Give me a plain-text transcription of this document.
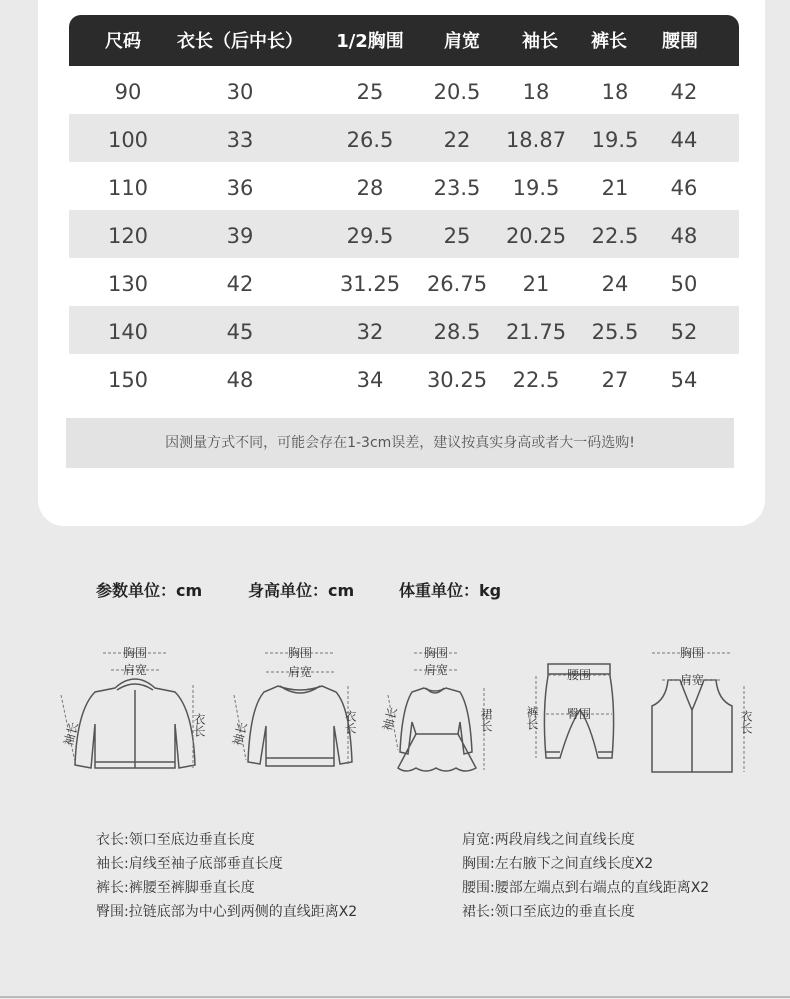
尺码 衣长（后中长） 1/2胸围 肩宽 袖长 裤长 腰围
90	30	25 20.5 18 18 42
100	33	26.5 22 18.87 19.5 44
110	36	28 23.5 19.5 21 46
120	39	29.5 25 20.25 22.5 48
130	42	31.25 26.75 21 24 50
140	45	32 28.5 21.75 25.5 52
150	48	34 30.25 22.5 27 54
因测量方式不同，可能会存在1-3cm误差，建议按真实身高或者大一码选购!
参数单位：cm	身高单位：cm	体重单位：kg
胸围
肩宽
袖长	衣长
胸围
肩宽
袖长	衣长
胸围
肩宽
袖长	裙长
腰围
臀围
裤长
胸围
肩宽
衣长
衣长:领口至底边垂直长度
袖长:肩线至袖子底部垂直长度
裤长:裤腰至裤脚垂直长度
臀围:拉链底部为中心到两侧的直线距离X2
肩宽:两段肩线之间直线长度
胸围:左右腋下之间直线长度X2
腰围:腰部左端点到右端点的直线距离X2
裙长:领口至底边的垂直长度
